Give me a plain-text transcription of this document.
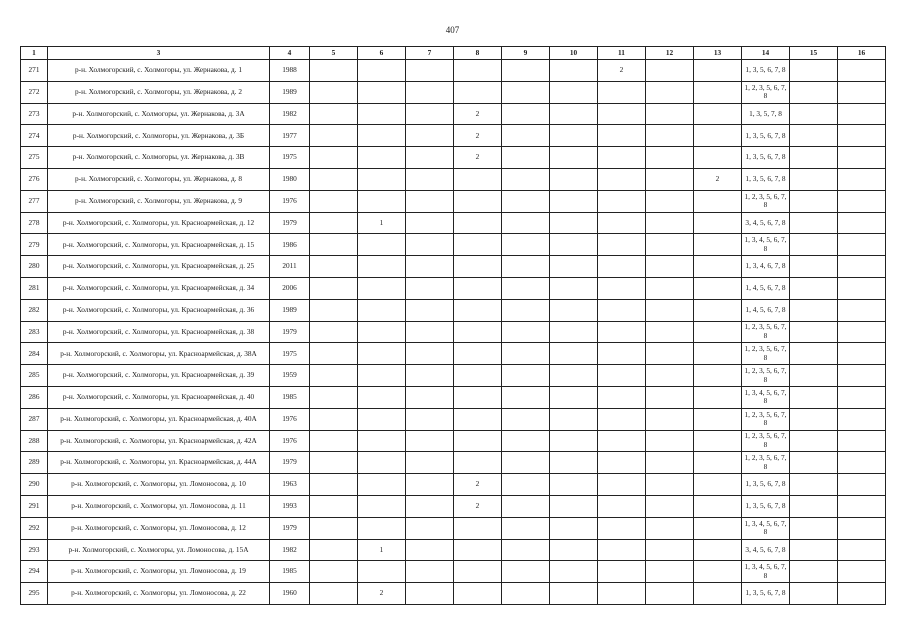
407
1	3	4	5	6	7	8	9	10	11	12	13	14	15	16
271	р-н. Холмогорский, с. Холмогоры, ул. Жернакова, д. 1	1988							2			1, 3, 5, 6, 7, 8		
272	р-н. Холмогорский, с. Холмогоры, ул. Жернакова, д. 2	1989										1, 2, 3, 5, 6, 7, 8		
273	р-н. Холмогорский, с. Холмогоры, ул. Жернакова, д. 3А	1982				2						1, 3, 5, 7, 8		
274	р-н. Холмогорский, с. Холмогоры, ул. Жернакова, д. 3Б	1977				2						1, 3, 5, 6, 7, 8		
275	р-н. Холмогорский, с. Холмогоры, ул. Жернакова, д. 3В	1975				2						1, 3, 5, 6, 7, 8		
276	р-н. Холмогорский, с. Холмогоры, ул. Жернакова, д. 8	1980									2	1, 3, 5, 6, 7, 8		
277	р-н. Холмогорский, с. Холмогоры, ул. Жернакова, д. 9	1976										1, 2, 3, 5, 6, 7, 8		
278	р-н. Холмогорский, с. Холмогоры, ул. Красноармейская, д. 12	1979		1								3, 4, 5, 6, 7, 8		
279	р-н. Холмогорский, с. Холмогоры, ул. Красноармейская, д. 15	1986										1, 3, 4, 5, 6, 7, 8		
280	р-н. Холмогорский, с. Холмогоры, ул. Красноармейская, д. 25	2011										1, 3, 4, 6, 7, 8		
281	р-н. Холмогорский, с. Холмогоры, ул. Красноармейская, д. 34	2006										1, 4, 5, 6, 7, 8		
282	р-н. Холмогорский, с. Холмогоры, ул. Красноармейская, д. 36	1989										1, 4, 5, 6, 7, 8		
283	р-н. Холмогорский, с. Холмогоры, ул. Красноармейская, д. 38	1979										1, 2, 3, 5, 6, 7, 8		
284	р-н. Холмогорский, с. Холмогоры, ул. Красноармейская, д. 38А	1975										1, 2, 3, 5, 6, 7, 8		
285	р-н. Холмогорский, с. Холмогоры, ул. Красноармейская, д. 39	1959										1, 2, 3, 5, 6, 7, 8		
286	р-н. Холмогорский, с. Холмогоры, ул. Красноармейская, д. 40	1985										1, 3, 4, 5, 6, 7, 8		
287	р-н. Холмогорский, с. Холмогоры, ул. Красноармейская, д. 40А	1976										1, 2, 3, 5, 6, 7, 8		
288	р-н. Холмогорский, с. Холмогоры, ул. Красноармейская, д. 42А	1976										1, 2, 3, 5, 6, 7, 8		
289	р-н. Холмогорский, с. Холмогоры, ул. Красноармейская, д. 44А	1979										1, 2, 3, 5, 6, 7, 8		
290	р-н. Холмогорский, с. Холмогоры, ул. Ломоносова, д. 10	1963				2						1, 3, 5, 6, 7, 8		
291	р-н. Холмогорский, с. Холмогоры, ул. Ломоносова, д. 11	1993				2						1, 3, 5, 6, 7, 8		
292	р-н. Холмогорский, с. Холмогоры, ул. Ломоносова, д. 12	1979										1, 3, 4, 5, 6, 7, 8		
293	р-н. Холмогорский, с. Холмогоры, ул. Ломоносова, д. 15А	1982		1								3, 4, 5, 6, 7, 8		
294	р-н. Холмогорский, с. Холмогоры, ул. Ломоносова, д. 19	1985										1, 3, 4, 5, 6, 7, 8		
295	р-н. Холмогорский, с. Холмогоры, ул. Ломоносова, д. 22	1960		2								1, 3, 5, 6, 7, 8		
